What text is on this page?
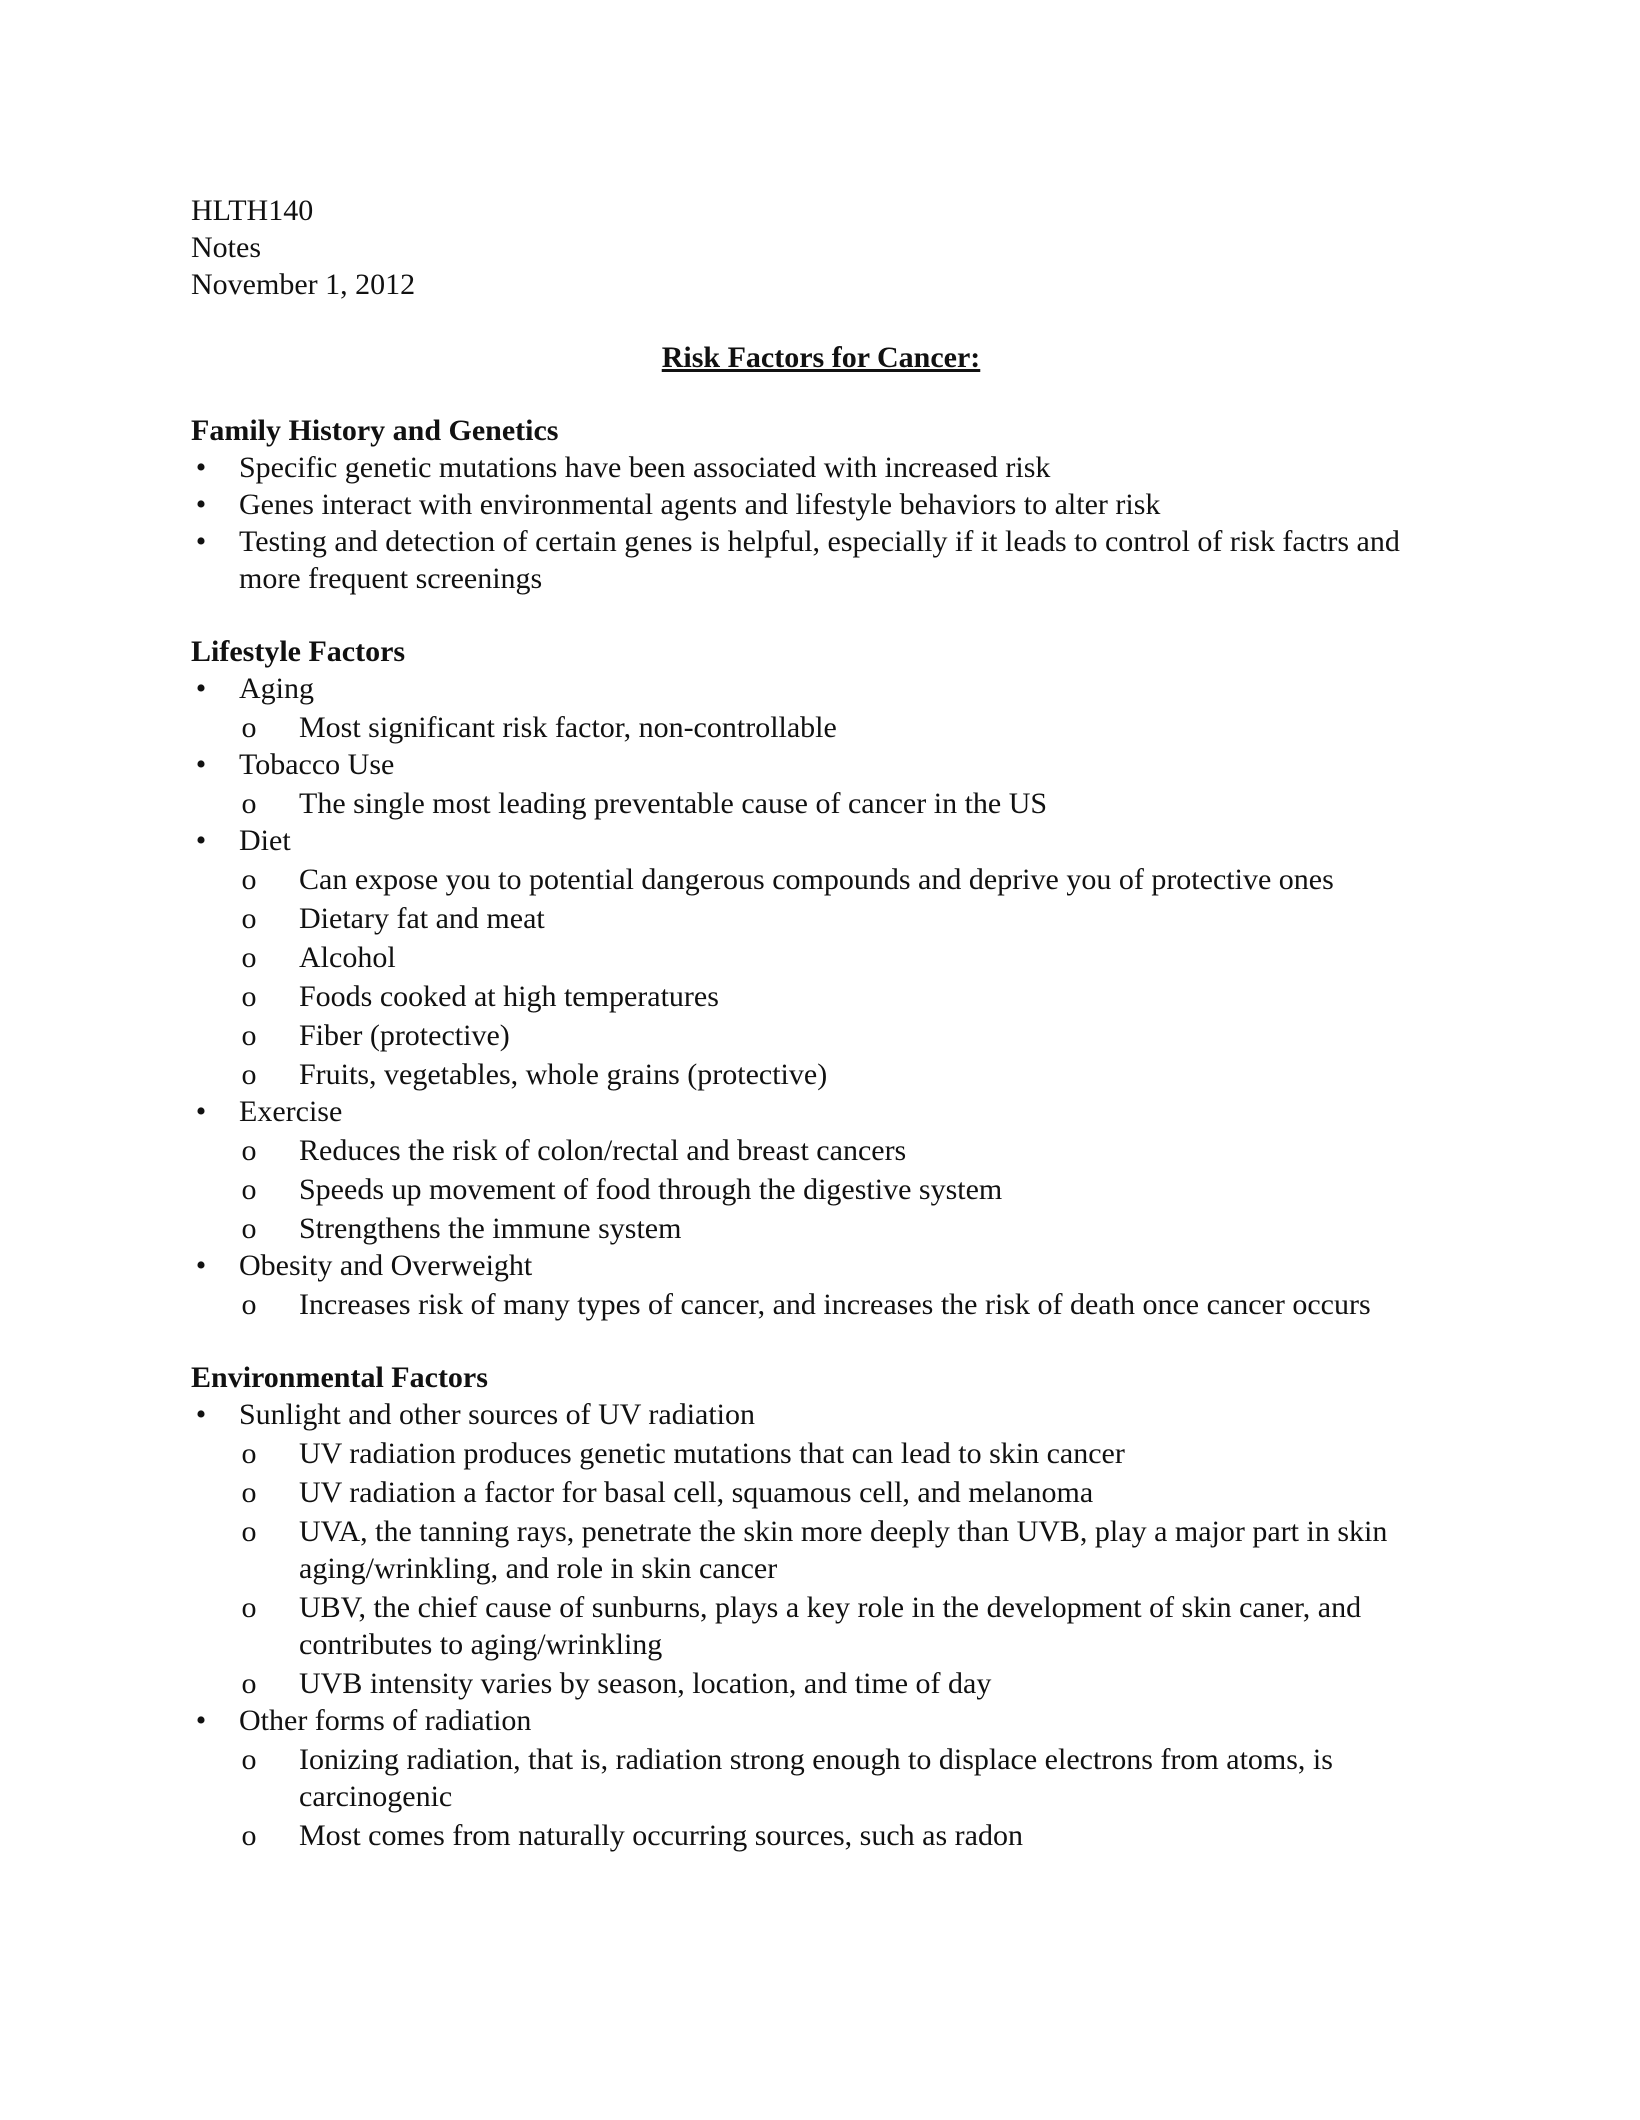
HLTH140
Notes
November 1, 2012
Risk Factors for Cancer:
Family History and Genetics
• Specific genetic mutations have been associated with increased risk
• Genes interact with environmental agents and lifestyle behaviors to alter risk
• Testing and detection of certain genes is helpful, especially if it leads to control of risk factrs and more frequent screenings
Lifestyle Factors
• Aging
o Most significant risk factor, non-controllable
• Tobacco Use
o The single most leading preventable cause of cancer in the US
• Diet
o Can expose you to potential dangerous compounds and deprive you of protective ones
o Dietary fat and meat
o Alcohol
o Foods cooked at high temperatures
o Fiber (protective)
o Fruits, vegetables, whole grains (protective)
• Exercise
o Reduces the risk of colon/rectal and breast cancers
o Speeds up movement of food through the digestive system
o Strengthens the immune system
• Obesity and Overweight
o Increases risk of many types of cancer, and increases the risk of death once cancer occurs
Environmental Factors
• Sunlight and other sources of UV radiation
o UV radiation produces genetic mutations that can lead to skin cancer
o UV radiation a factor for basal cell, squamous cell, and melanoma
o UVA, the tanning rays, penetrate the skin more deeply than UVB, play a major part in skin aging/wrinkling, and role in skin cancer
o UBV, the chief cause of sunburns, plays a key role in the development of skin caner, and contributes to aging/wrinkling
o UVB intensity varies by season, location, and time of day
• Other forms of radiation
o Ionizing radiation, that is, radiation strong enough to displace electrons from atoms, is carcinogenic
o Most comes from naturally occurring sources, such as radon
